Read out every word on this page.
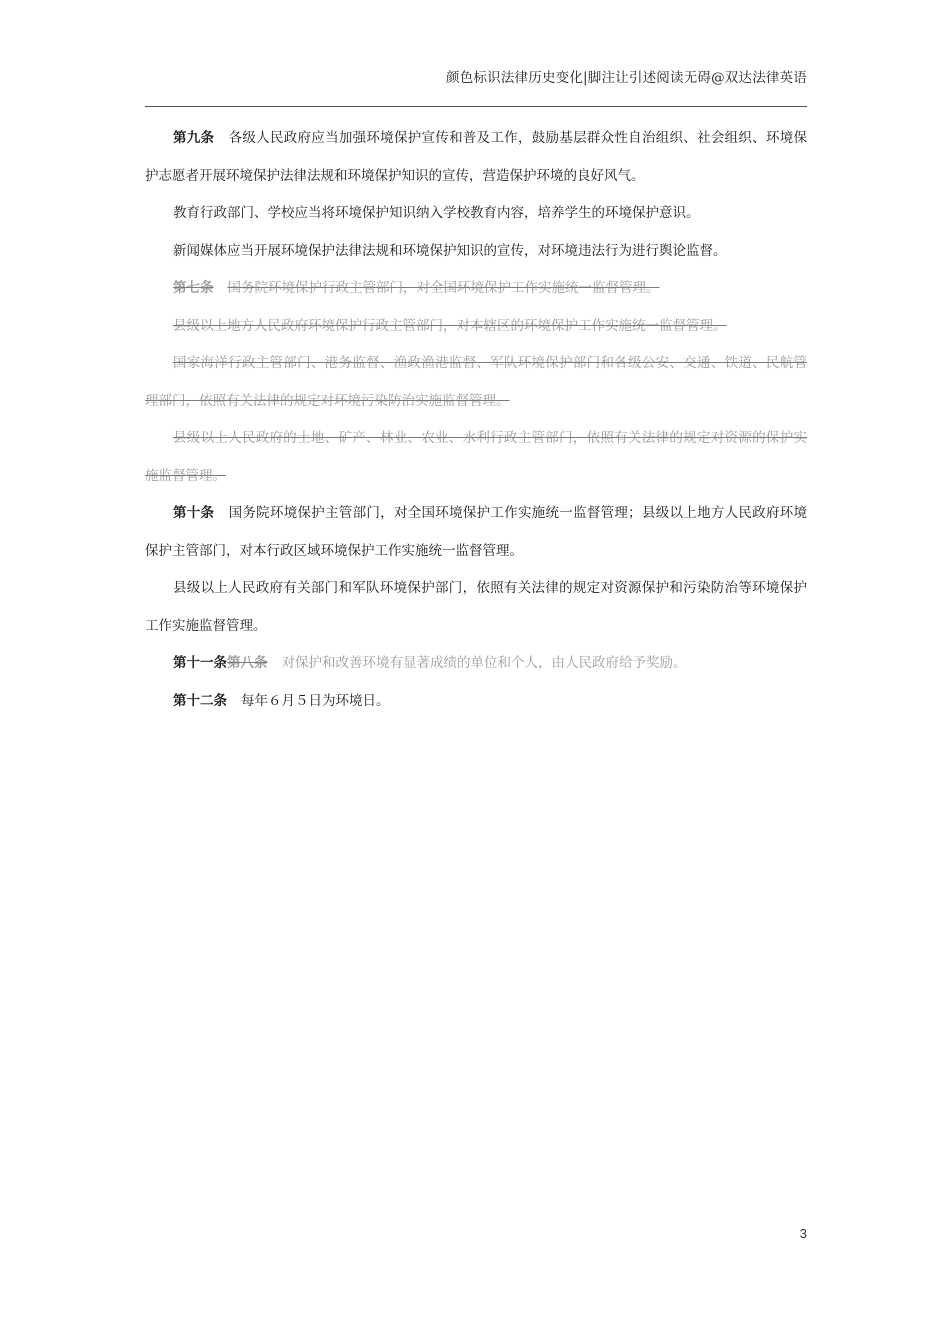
颜色标识法律历史变化|脚注让引述阅读无碍@双达法律英语

第九条 各级人民政府应当加强环境保护宣传和普及工作，鼓励基层群众性自治组织、社会组织、环境保护志愿者开展环境保护法律法规和环境保护知识的宣传，营造保护环境的良好风气。

教育行政部门、学校应当将环境保护知识纳入学校教育内容，培养学生的环境保护意识。

新闻媒体应当开展环境保护法律法规和环境保护知识的宣传，对环境违法行为进行舆论监督。

第七条 国务院环境保护行政主管部门，对全国环境保护工作实施统一监督管理。

县级以上地方人民政府环境保护行政主管部门，对本辖区的环境保护工作实施统一监督管理。

国家海洋行政主管部门、港务监督、渔政渔港监督、军队环境保护部门和各级公安、交通、铁道、民航管理部门，依照有关法律的规定对环境污染防治实施监督管理。

县级以上人民政府的土地、矿产、林业、农业、水利行政主管部门，依照有关法律的规定对资源的保护实施监督管理。

第十条 国务院环境保护主管部门，对全国环境保护工作实施统一监督管理；县级以上地方人民政府环境保护主管部门，对本行政区域环境保护工作实施统一监督管理。

县级以上人民政府有关部门和军队环境保护部门，依照有关法律的规定对资源保护和污染防治等环境保护工作实施监督管理。

第十一条第八条 对保护和改善环境有显著成绩的单位和个人，由人民政府给予奖励。

第十二条 每年６月５日为环境日。

3
